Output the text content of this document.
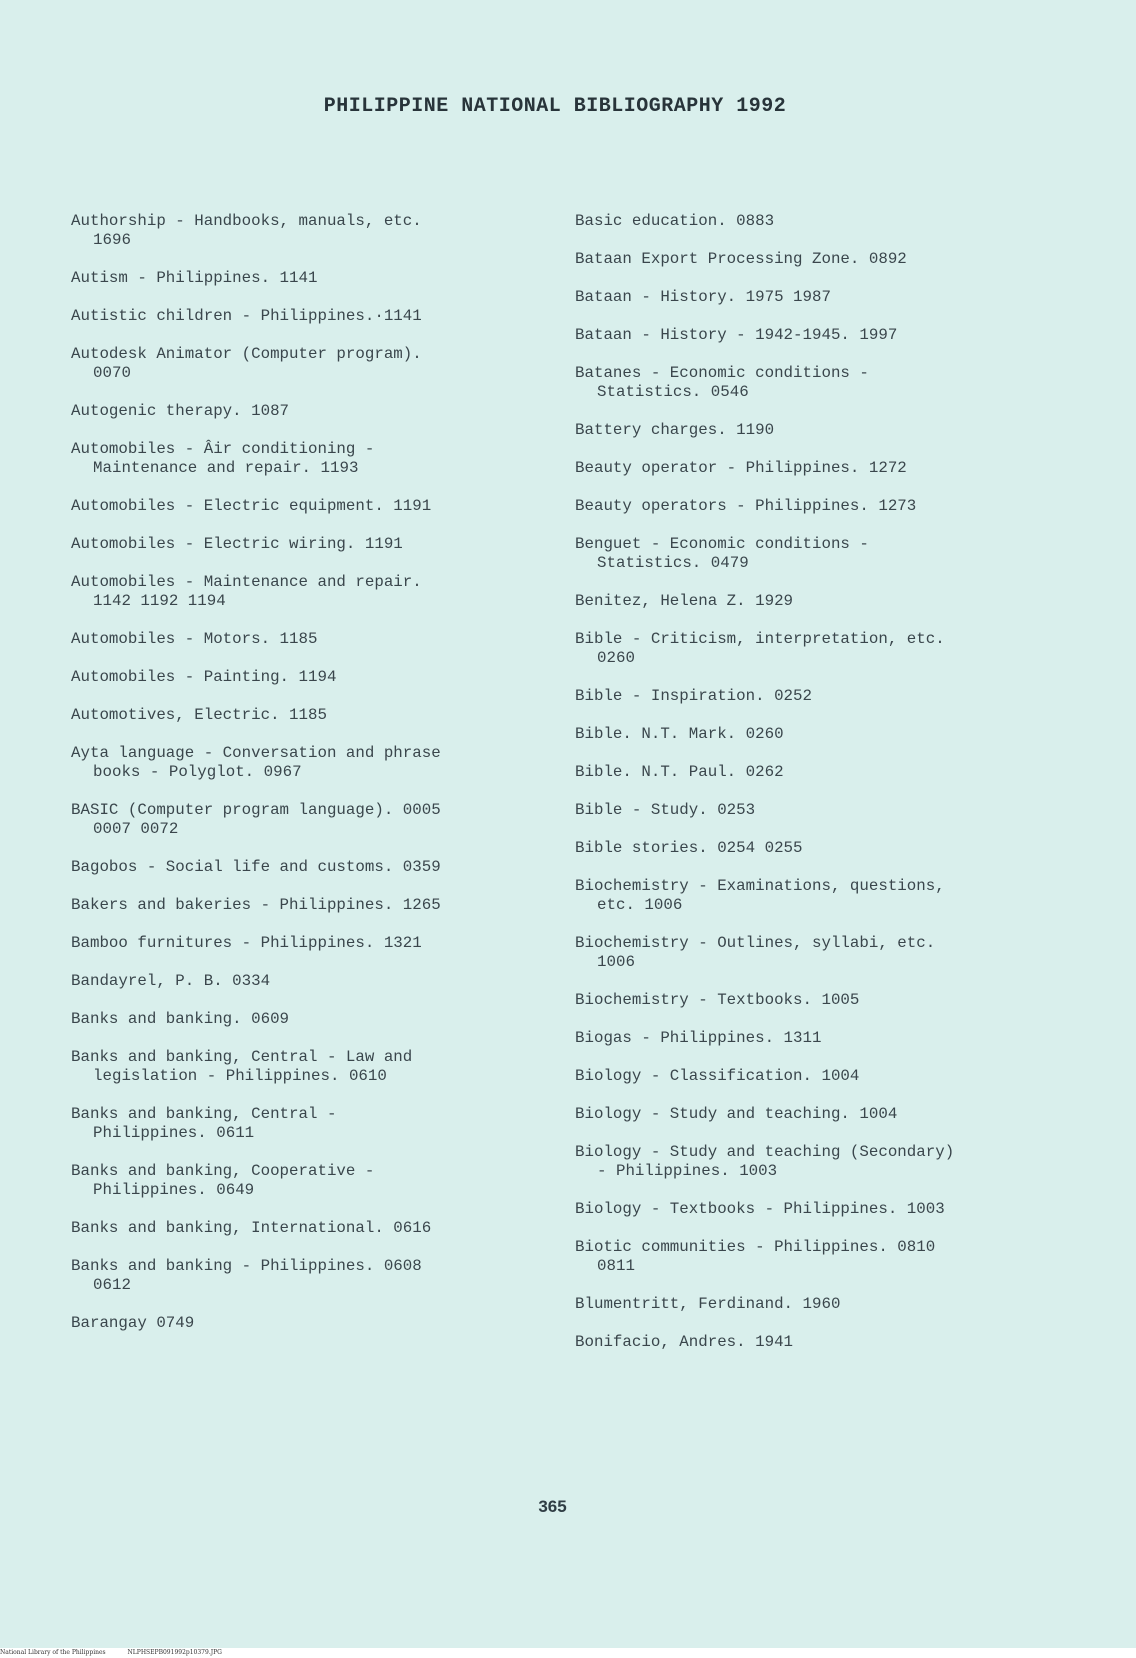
PHILIPPINE NATIONAL BIBLIOGRAPHY 1992
Authorship - Handbooks, manuals, etc.
1696
Autism - Philippines. 1141
Autistic children - Philippines.·1141
Autodesk Animator (Computer program).
0070
Autogenic therapy. 1087
Automobiles - Âir conditioning -
Maintenance and repair. 1193
Automobiles - Electric equipment. 1191
Automobiles - Electric wiring. 1191
Automobiles - Maintenance and repair.
1142 1192 1194
Automobiles - Motors. 1185
Automobiles - Painting. 1194
Automotives, Electric. 1185
Ayta language - Conversation and phrase
books - Polyglot. 0967
BASIC (Computer program language). 0005
0007 0072
Bagobos - Social life and customs. 0359
Bakers and bakeries - Philippines. 1265
Bamboo furnitures - Philippines. 1321
Bandayrel, P. B. 0334
Banks and banking. 0609
Banks and banking, Central - Law and
legislation - Philippines. 0610
Banks and banking, Central -
Philippines. 0611
Banks and banking, Cooperative -
Philippines. 0649
Banks and banking, International. 0616
Banks and banking - Philippines. 0608
0612
Barangay 0749
Basic education. 0883
Bataan Export Processing Zone. 0892
Bataan - History. 1975 1987
Bataan - History - 1942-1945. 1997
Batanes - Economic conditions -
Statistics. 0546
Battery charges. 1190
Beauty operator - Philippines. 1272
Beauty operators - Philippines. 1273
Benguet - Economic conditions -
Statistics. 0479
Benitez, Helena Z. 1929
Bible - Criticism, interpretation, etc.
0260
Bible - Inspiration. 0252
Bible. N.T. Mark. 0260
Bible. N.T. Paul. 0262
Bible - Study. 0253
Bible stories. 0254 0255
Biochemistry - Examinations, questions,
etc. 1006
Biochemistry - Outlines, syllabi, etc.
1006
Biochemistry - Textbooks. 1005
Biogas - Philippines. 1311
Biology - Classification. 1004
Biology - Study and teaching. 1004
Biology - Study and teaching (Secondary)
- Philippines. 1003
Biology - Textbooks - Philippines. 1003
Biotic communities - Philippines. 0810
0811
Blumentritt, Ferdinand. 1960
Bonifacio, Andres. 1941
365
National Library of the Philippines	NLPHSEPB091992p10379.JPG
